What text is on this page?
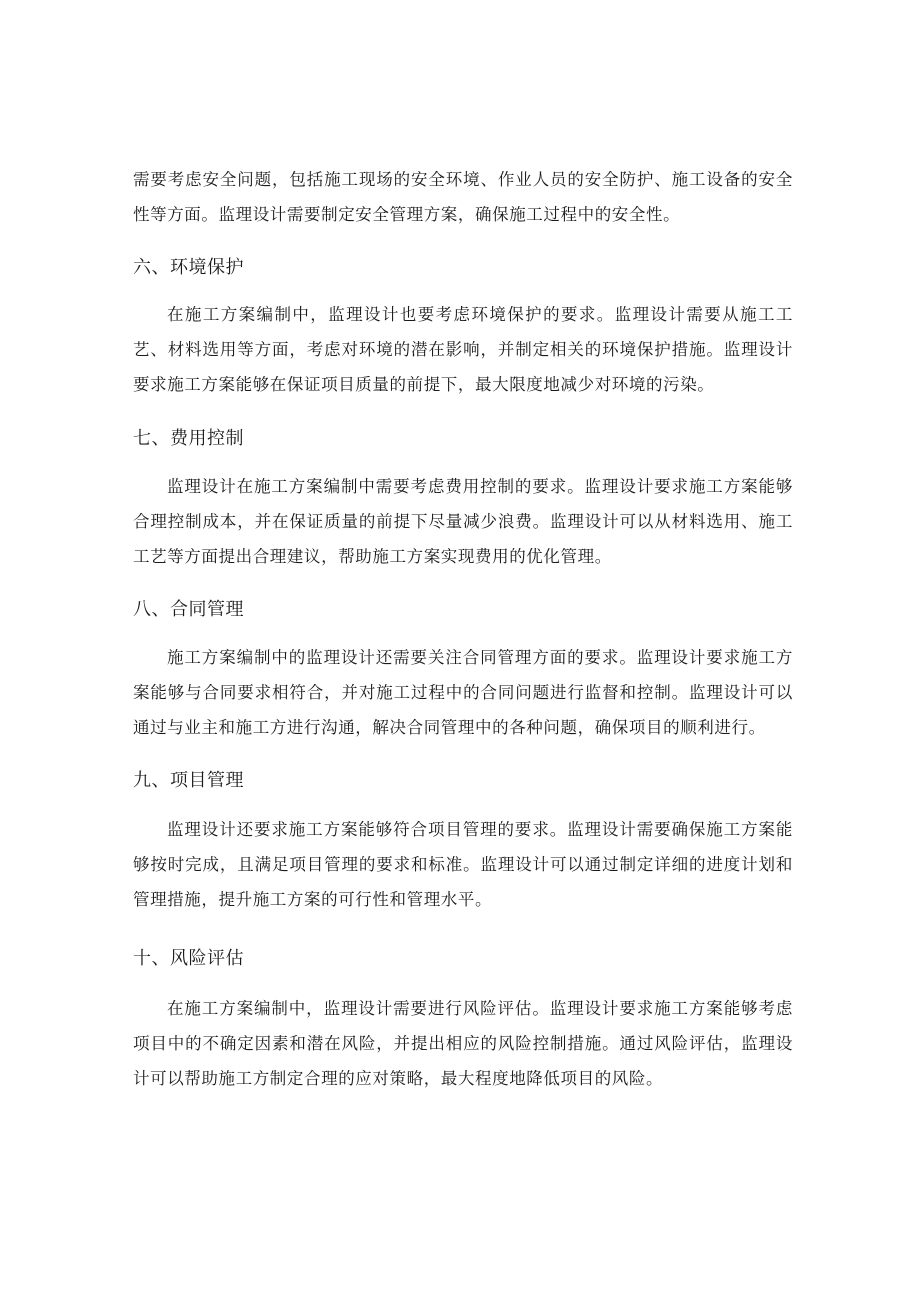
需要考虑安全问题，包括施工现场的安全环境、作业人员的安全防护、施工设备的安全性等方面。监理设计需要制定安全管理方案，确保施工过程中的安全性。

六、环境保护

在施工方案编制中，监理设计也要考虑环境保护的要求。监理设计需要从施工工艺、材料选用等方面，考虑对环境的潜在影响，并制定相关的环境保护措施。监理设计要求施工方案能够在保证项目质量的前提下，最大限度地减少对环境的污染。

七、费用控制

监理设计在施工方案编制中需要考虑费用控制的要求。监理设计要求施工方案能够合理控制成本，并在保证质量的前提下尽量减少浪费。监理设计可以从材料选用、施工工艺等方面提出合理建议，帮助施工方案实现费用的优化管理。

八、合同管理

施工方案编制中的监理设计还需要关注合同管理方面的要求。监理设计要求施工方案能够与合同要求相符合，并对施工过程中的合同问题进行监督和控制。监理设计可以通过与业主和施工方进行沟通，解决合同管理中的各种问题，确保项目的顺利进行。

九、项目管理

监理设计还要求施工方案能够符合项目管理的要求。监理设计需要确保施工方案能够按时完成，且满足项目管理的要求和标准。监理设计可以通过制定详细的进度计划和管理措施，提升施工方案的可行性和管理水平。

十、风险评估

在施工方案编制中，监理设计需要进行风险评估。监理设计要求施工方案能够考虑项目中的不确定因素和潜在风险，并提出相应的风险控制措施。通过风险评估，监理设计可以帮助施工方制定合理的应对策略，最大程度地降低项目的风险。
